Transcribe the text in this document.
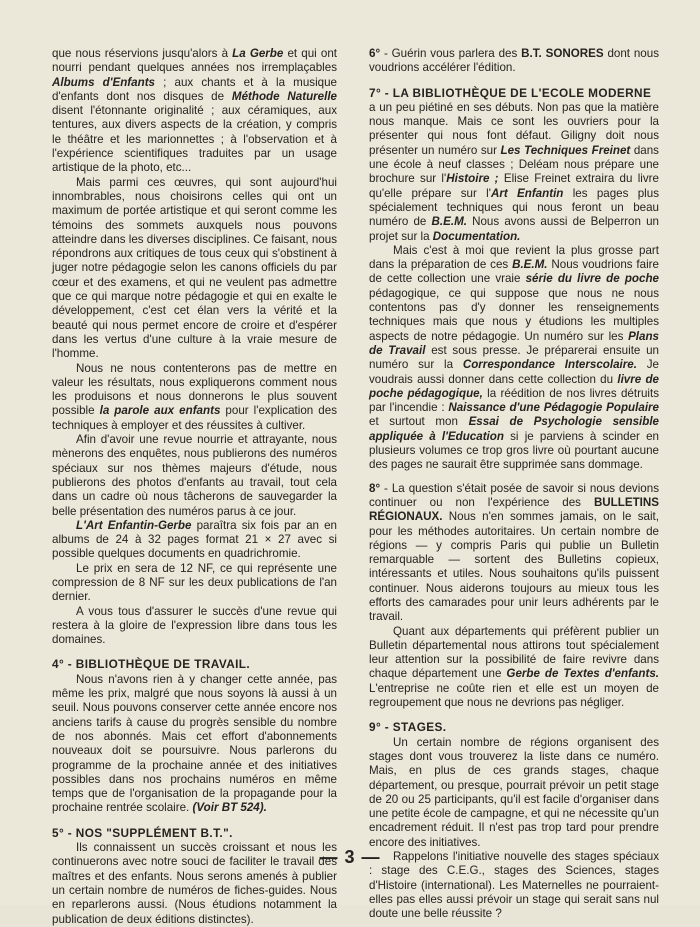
que nous réservions jusqu'alors à La Gerbe et qui ont nourri pendant quelques années nos irremplaçables Albums d'Enfants ; aux chants et à la musique d'enfants dont nos disques de Méthode Naturelle disent l'étonnante originalité ; aux céramiques, aux tentures, aux divers aspects de la création, y compris le théâtre et les marionnettes ; à l'observation et à l'expérience scientifiques traduites par un usage artistique de la photo, etc...

Mais parmi ces œuvres, qui sont aujourd'hui innombrables, nous choisirons celles qui ont un maximum de portée artistique et qui seront comme les témoins des sommets auxquels nous pouvons atteindre dans les diverses disciplines. Ce faisant, nous répondrons aux critiques de tous ceux qui s'obstinent à juger notre pédagogie selon les canons officiels du par cœur et des examens, et qui ne veulent pas admettre que ce qui marque notre pédagogie et qui en exalte le développement, c'est cet élan vers la vérité et la beauté qui nous permet encore de croire et d'espérer dans les vertus d'une culture à la vraie mesure de l'homme.

Nous ne nous contenterons pas de mettre en valeur les résultats, nous expliquerons comment nous les produisons et nous donnerons le plus souvent possible la parole aux enfants pour l'explication des techniques à employer et des réussites à cultiver.

Afin d'avoir une revue nourrie et attrayante, nous mènerons des enquêtes, nous publierons des numéros spéciaux sur nos thèmes majeurs d'étude, nous publierons des photos d'enfants au travail, tout cela dans un cadre où nous tâcherons de sauvegarder la belle présentation des numéros parus à ce jour.

L'Art Enfantin-Gerbe paraîtra six fois par an en albums de 24 à 32 pages format 21 × 27 avec si possible quelques documents en quadrichromie.

Le prix en sera de 12 NF, ce qui représente une compression de 8 NF sur les deux publications de l'an dernier.

A vous tous d'assurer le succès d'une revue qui restera à la gloire de l'expression libre dans tous les domaines.

4° - BIBLIOTHÈQUE DE TRAVAIL.

Nous n'avons rien à y changer cette année, pas même les prix, malgré que nous soyons là aussi à un seuil. Nous pouvons conserver cette année encore nos anciens tarifs à cause du progrès sensible du nombre de nos abonnés. Mais cet effort d'abonnements nouveaux doit se poursuivre. Nous parlerons du programme de la prochaine année et des initiatives possibles dans nos prochains numéros en même temps que de l'organisation de la propagande pour la prochaine rentrée scolaire. (Voir BT 524).

5° - NOS "SUPPLÉMENT B.T.".

Ils connaissent un succès croissant et nous les continuerons avec notre souci de faciliter le travail des maîtres et des enfants. Nous serons amenés à publier un certain nombre de numéros de fiches-guides. Nous en reparlerons aussi. (Nous étudions notamment la publication de deux éditions distinctes).

6° - Guérin vous parlera des B.T. SONORES dont nous voudrions accélérer l'édition.

7° - LA BIBLIOTHÈQUE DE L'ECOLE MODERNE

a un peu piétiné en ses débuts. Non pas que la matière nous manque. Mais ce sont les ouvriers pour la présenter qui nous font défaut. Giligny doit nous présenter un numéro sur Les Techniques Freinet dans une école à neuf classes ; Deléam nous prépare une brochure sur l'Histoire ; Elise Freinet extraira du livre qu'elle prépare sur l'Art Enfantin les pages plus spécialement techniques qui nous feront un beau numéro de B.E.M. Nous avons aussi de Belperron un projet sur la Documentation.

Mais c'est à moi que revient la plus grosse part dans la préparation de ces B.E.M. Nous voudrions faire de cette collection une vraie série du livre de poche pédagogique, ce qui suppose que nous ne nous contentons pas d'y donner les renseignements techniques mais que nous y étudions les multiples aspects de notre pédagogie. Un numéro sur les Plans de Travail est sous presse. Je préparerai ensuite un numéro sur la Correspondance Interscolaire. Je voudrais aussi donner dans cette collection du livre de poche pédagogique, la réédition de nos livres détruits par l'incendie : Naissance d'une Pédagogie Populaire et surtout mon Essai de Psychologie sensible appliquée à l'Education si je parviens à scinder en plusieurs volumes ce trop gros livre où pourtant aucune des pages ne saurait être supprimée sans dommage.

8° - La question s'était posée de savoir si nous devions continuer ou non l'expérience des BULLETINS RÉGIONAUX. Nous n'en sommes jamais, on le sait, pour les méthodes autoritaires. Un certain nombre de régions — y compris Paris qui publie un Bulletin remarquable — sortent des Bulletins copieux, intéressants et utiles. Nous souhaitons qu'ils puissent continuer. Nous aiderons toujours au mieux tous les efforts des camarades pour unir leurs adhérents par le travail.

Quant aux départements qui préfèrent publier un Bulletin départemental nous attirons tout spécialement leur attention sur la possibilité de faire revivre dans chaque département une Gerbe de Textes d'enfants. L'entreprise ne coûte rien et elle est un moyen de regroupement que nous ne devrions pas négliger.

9° - STAGES.

Un certain nombre de régions organisent des stages dont vous trouverez la liste dans ce numéro. Mais, en plus de ces grands stages, chaque département, ou presque, pourrait prévoir un petit stage de 20 ou 25 participants, qu'il est facile d'organiser dans une petite école de campagne, et qui ne nécessite qu'un encadrement réduit. Il n'est pas trop tard pour prendre encore des initiatives.

Rappelons l'initiative nouvelle des stages spéciaux : stage des C.E.G., stages des Sciences, stages d'Histoire (international). Les Maternelles ne pourraient-elles pas elles aussi prévoir un stage qui serait sans nul doute une belle réussite ?

— 3 —
